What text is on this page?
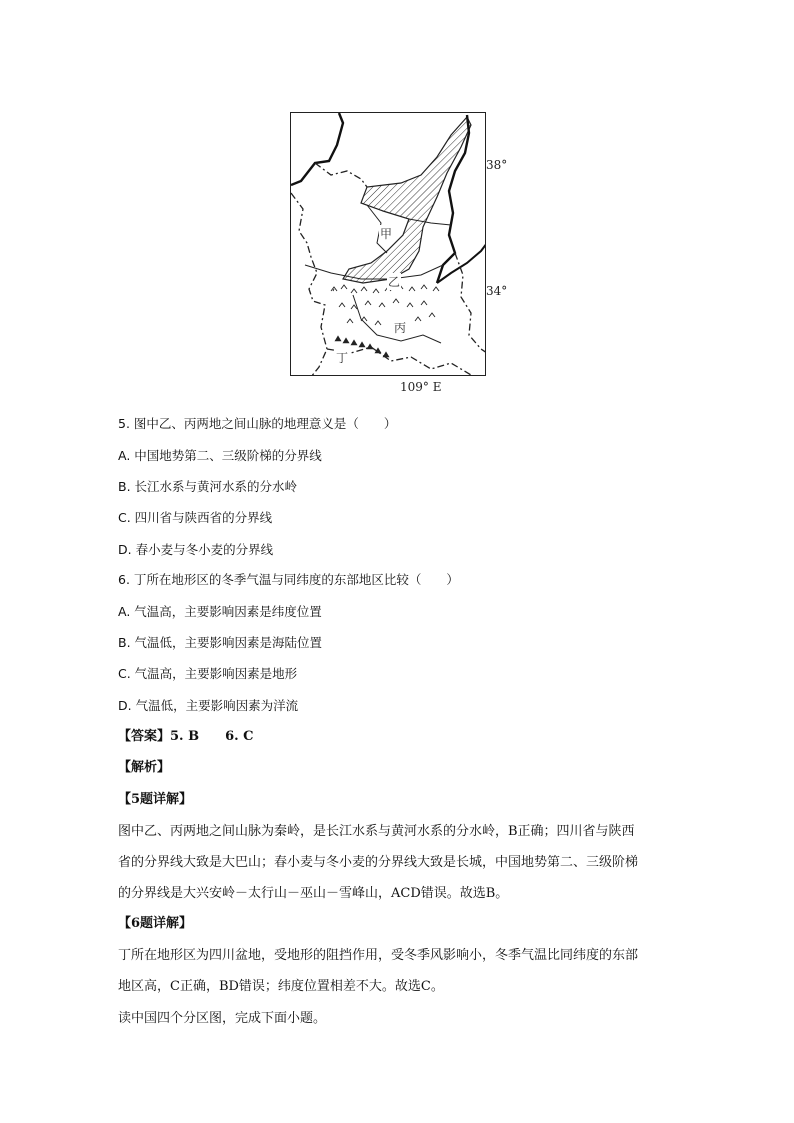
甲
乙
丙
丁
38°
34°
109° E
5. 图中乙、丙两地之间山脉的地理意义是（　　）
A. 中国地势第二、三级阶梯的分界线
B. 长江水系与黄河水系的分水岭
C. 四川省与陕西省的分界线
D. 春小麦与冬小麦的分界线
6. 丁所在地形区的冬季气温与同纬度的东部地区比较（　　）
A. 气温高，主要影响因素是纬度位置
B. 气温低，主要影响因素是海陆位置
C. 气温高，主要影响因素是地形
D. 气温低，主要影响因素为洋流
【答案】5. B　　6. C
【解析】
【5题详解】
图中乙、丙两地之间山脉为秦岭，是长江水系与黄河水系的分水岭，B正确；四川省与陕西
省的分界线大致是大巴山；春小麦与冬小麦的分界线大致是长城，中国地势第二、三级阶梯
的分界线是大兴安岭－太行山－巫山－雪峰山，ACD错误。故选B。
【6题详解】
丁所在地形区为四川盆地，受地形的阻挡作用，受冬季风影响小，冬季气温比同纬度的东部
地区高，C正确，BD错误；纬度位置相差不大。故选C。
读中国四个分区图，完成下面小题。
